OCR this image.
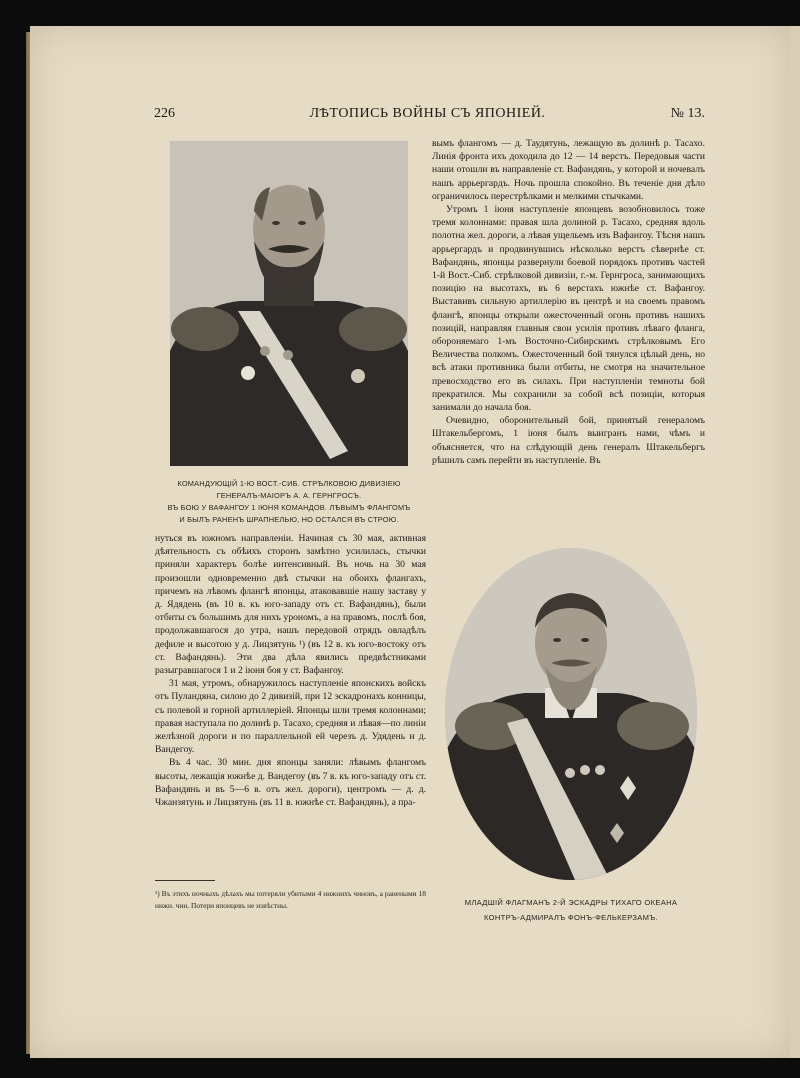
226	ЛѢТОПИСЬ ВОЙНЫ СЪ ЯПОНІЕЙ.	№ 13.
КОМАНДУЮЩІЙ 1-Ю ВОСТ.-СИБ. СТРѢЛКОВОЮ ДИВИЗІЕЮ
ГЕНЕРАЛЪ-МАІОРЪ А. А. ГЕРНГРОСЪ.
ВЪ БОЮ У ВАФАНГОУ 1 ІЮНЯ КОМАНДОВ. ЛѢВЫМЪ ФЛАНГОМЪ
И БЫЛЪ РАНЕНЪ ШРАПНЕЛЬЮ, НО ОСТАЛСЯ ВЪ СТРОЮ.

вымъ флангомъ — д. Таудятунь, лежащую въ долинѣ р. Тасахо. Линія фронта ихъ доходила до 12 — 14 верстъ. Передовыя части наши отошли въ направленіе ст. Вафандянь, у которой и ночевалъ нашъ аррьергардъ. Ночь прошла спокойно. Въ теченіе дня дѣло ограничилось перестрѣлками и мелкими стычками.

Утромъ 1 іюня наступленіе японцевъ возобновилось тоже тремя колоннами: правая шла долиной р. Тасахо, средняя вдоль полотна жел. дороги, а лѣвая ущельемъ изъ Вафангоу. Тѣсня нашъ аррьергардъ и продвинувшись нѣсколько верстъ сѣвернѣе ст. Вафандянь, японцы развернули боевой порядокъ противъ частей 1-й Вост.-Сиб. стрѣлковой дивизіи, г.-м. Гернгроса, занимающихъ позицію на высотахъ, въ 6 верстахъ южнѣе ст. Вафангоу. Выставивъ сильную артиллерію въ центрѣ и на своемъ правомъ флангѣ, японцы открыли ожесточенный огонь противъ нашихъ позицій, направляя главныя свои усилія противъ лѣваго фланга, обороняемаго 1-мъ Восточно-Сибирскимъ стрѣлковымъ Его Величества полкомъ. Ожесточенный бой тянулся цѣлый день, но всѣ атаки противника были отбиты, не смотря на значительное превосходство его въ силахъ. При наступленіи темноты бой прекратился. Мы сохранили за собой всѣ позиціи, которыя занимали до начала боя.

Очевидно, оборонительный бой, принятый генераломъ Штакельбергомъ, 1 іюня былъ выигранъ нами, чѣмъ и объясняется, что на слѣдующій день генералъ Штакельбергъ рѣшилъ самъ перейти въ наступленіе. Въ

нуться въ южномъ направленіи. Начиная съ 30 мая, активная дѣятельность съ обѣихъ сторонъ замѣтно усилилась, стычки приняли характеръ болѣе интенсивный. Въ ночь на 30 мая произошли одновременно двѣ стычки на обоихъ флангахъ, причемъ на лѣвомъ флангѣ японцы, атаковавшіе нашу заставу у д. Ядядень (въ 10 в. къ юго-западу отъ ст. Вафандянь), были отбиты съ большимъ для нихъ урономъ, а на правомъ, послѣ боя, продолжавшагося до утра, нашъ передовой отрядъ овладѣлъ дефиле и высотою у д. Лицзятунь ¹) (въ 12 в. къ юго-востоку отъ ст. Вафандянь). Эти два дѣла явились предвѣстниками разыгравшагося 1 и 2 іюня боя у ст. Вафангоу.

31 мая, утромъ, обнаружилось наступленіе японскихъ войскъ отъ Пуландяна, силою до 2 дивизій, при 12 эскадронахъ конницы, съ полевой и горной артиллеріей. Японцы шли тремя колоннами; правая наступала по долинѣ р. Тасахо, средняя и лѣвая—по линіи желѣзной дороги и по параллельной ей черезъ д. Удядень и д. Вандегоу.

Въ 4 час. 30 мин. дня японцы заняли: лѣвымъ флангомъ высоты, лежащія южнѣе д. Вандегоу (въ 7 в. къ юго-западу отъ ст. Вафандянь и въ 5—6 в. отъ жел. дороги), центромъ — д. д. Чжанзятунь и Лицзятунь (въ 11 в. южнѣе ст. Вафандянь), а пра-

¹) Въ этихъ ночныхъ дѣлахъ мы потеряли убитыми 4 нижнихъ чиновъ, а ранеными 18 нижн. чин. Потери японцевъ не извѣстны.	МЛАДШІЙ ФЛАГМАНЪ 2-Й ЭСКАДРЫ ТИХАГО ОКЕАНА
КОНТРЪ-АДМИРАЛЪ ФОНЪ-ФЕЛЬКЕРЗАМЪ.
